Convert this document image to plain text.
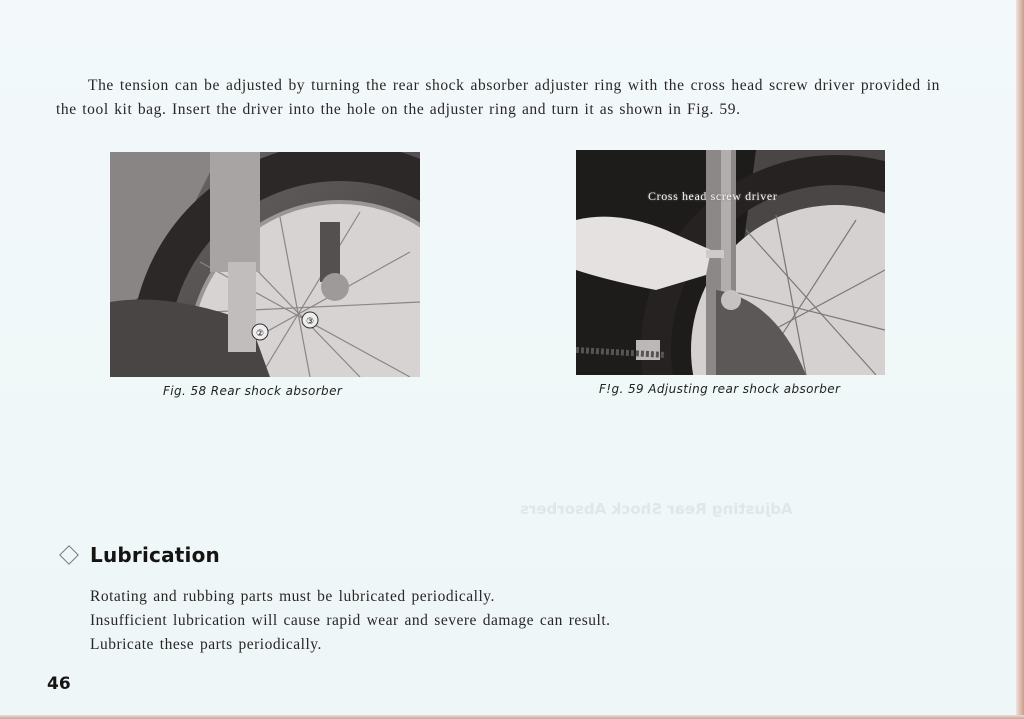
The tension can be adjusted by turning the rear shock absorber adjuster ring with the cross head screw driver provided in the tool kit bag. Insert the driver into the hole on the adjuster ring and turn it as shown in Fig. 59.

②
③
Fig. 58 Rear shock absorber
Cross head screw driver
F!g. 59 Adjusting rear shock absorber
Adjusting Rear Shock Absorbers
Lubrication
Rotating and rubbing parts must be lubricated periodically.
Insufficient lubrication will cause rapid wear and severe damage can result.
Lubricate these parts periodically.
46
